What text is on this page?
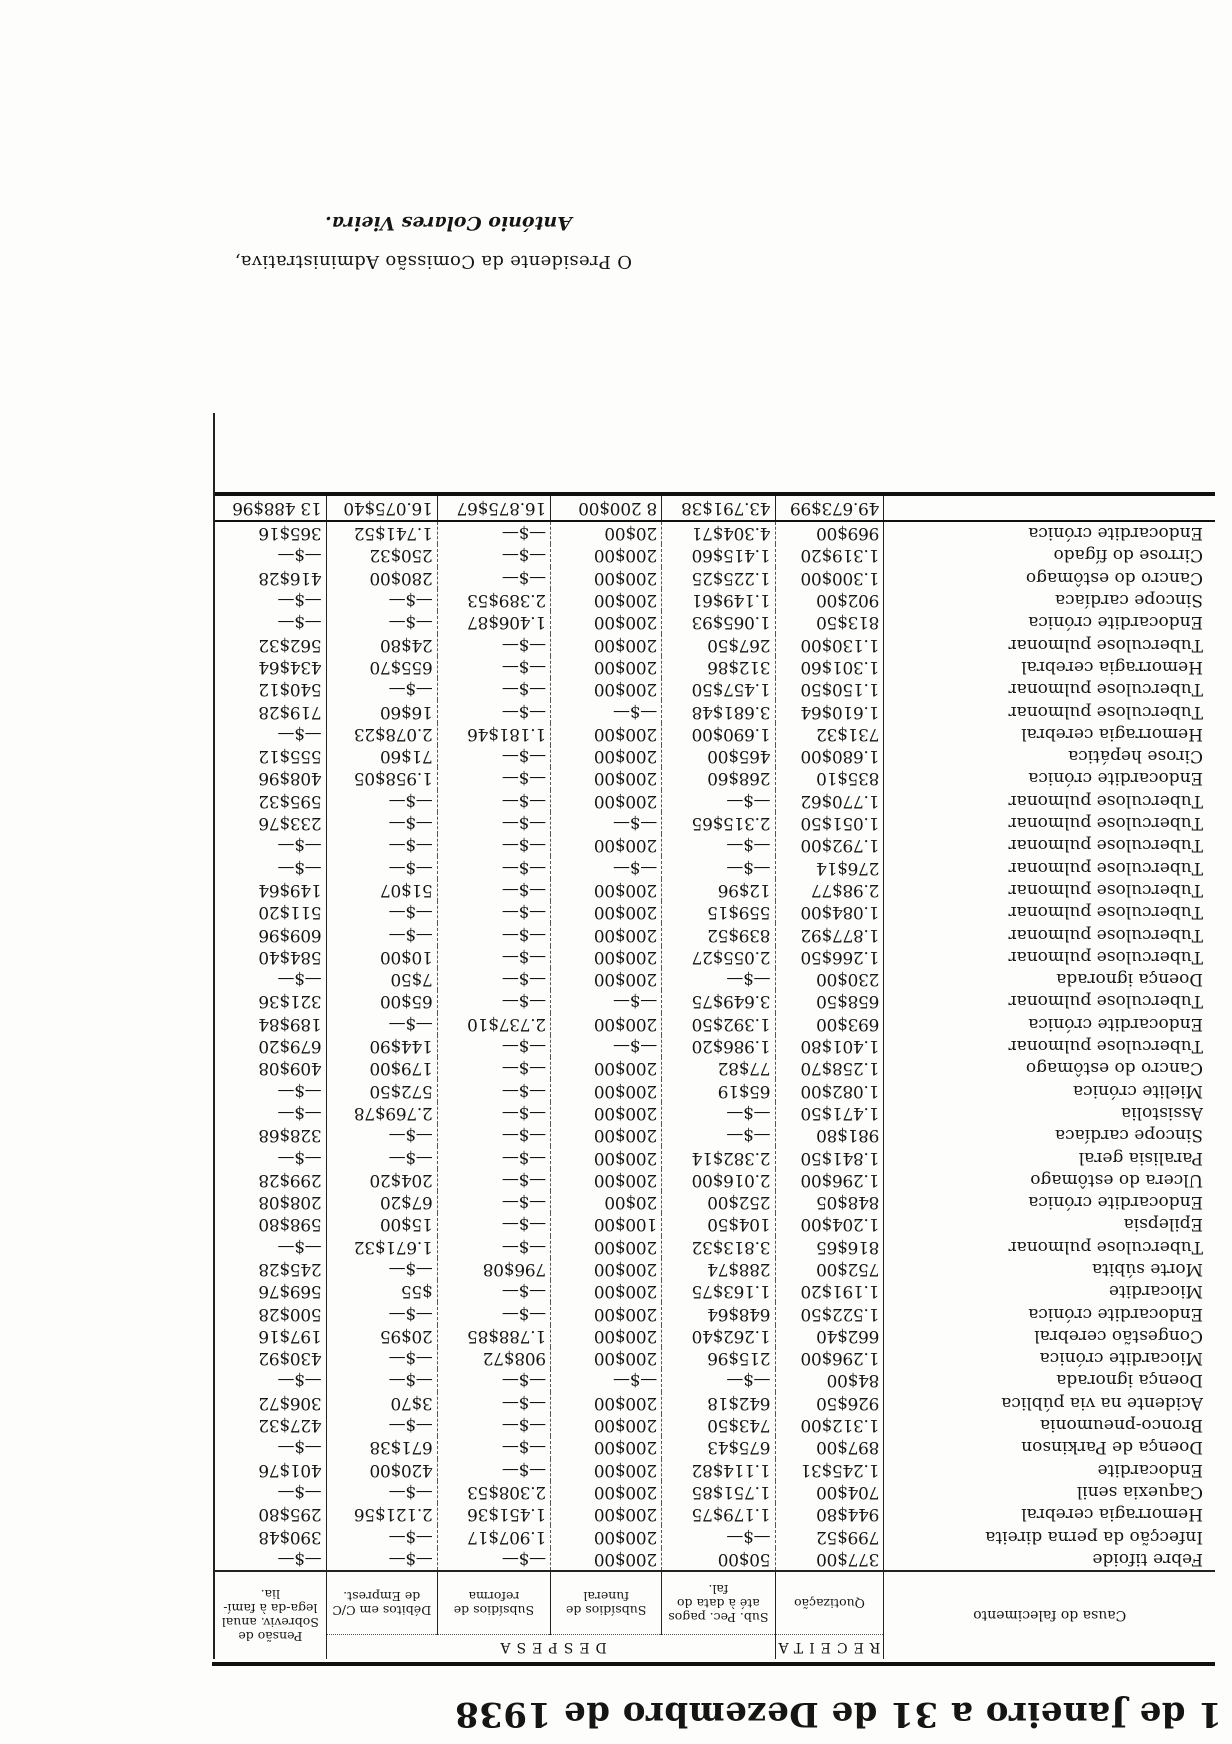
1 de Janeiro a 31 de Dezembro de 1938
Causa do falecimento	RECEITA	DESPESA				Pensão de Sobreviv. anual lega-da à famí-lia.
	Quotização	Sub. Pec. pagos até à data do fal.	Subsídios de funeral	Subsídios de reforma	Débitos em C/C de Emprest.	
Febre tifoide	377$00	50$00	200$00	—$—	—$—	—$—
Infecção da perna direita	799$52	—$—	200$00	1.907$17	—$—	390$48
Hemorragia cerebral	944$80	1.179$75	200$00	1.451$36	2.121$56	295$80
Caquexia senil	704$00	1.751$85	200$00	2.308$53	—$—	—$—
Endocardite	1.245$31	1.114$82	200$00	—$—	420$00	401$76
Doença de Parkinson	897$00	675$43	200$00	—$—	671$38	—$—
Bronco-pneumonia	1.312$00	743$50	200$00	—$—	—$—	427$32
Acidente na via pública	926$50	642$18	200$00	—$—	3$70	306$72
Doença ignorada	84$00	—$—	—$—	—$—	—$—	—$—
Miocardite crónica	1.296$00	215$96	200$00	908$72	—$—	430$92
Congestão cerebral	662$40	1.262$40	200$00	1.788$85	20$95	197$16
Endocardite crónica	1.522$50	648$64	200$00	—$—	—$—	500$28
Miocardite	1.191$20	1.163$75	200$00	—$—	$55	569$76
Morte súbita	752$00	288$74	200$00	796$08	—$—	245$28
Tuberculose pulmonar	816$65	3.813$32	200$00	—$—	1.671$32	—$—
Epilepsia	1.204$00	104$50	100$00	—$—	15$00	598$80
Endocardite crónica	848$05	252$00	20$00	—$—	67$20	208$08
Ulcera do estômago	1.296$00	2.016$00	200$00	—$—	204$20	299$28
Paralisia geral	1.841$50	2.382$14	200$00	—$—	—$—	—$—
Sincope cardíaca	981$80	—$—	200$00	—$—	—$—	328$68
Assistolia	1.471$50	—$—	200$00	—$—	2.769$78	—$—
Mielite crónica	1.082$00	65$19	200$00	—$—	572$50	—$—
Cancro do estômago	1.258$70	77$82	200$00	—$—	179$00	409$08
Tuberculose pulmonar	1.401$80	1.986$20	—$—	—$—	144$90	679$20
Endocardite crónica	693$00	1.392$50	200$00	2.737$10	—$—	189$84
Tuberculose pulmonar	658$50	3.649$75	—$—	—$—	65$00	321$36
Doença ignorada	230$00	—$—	200$00	—$—	7$50	—$—
Tuberculose pulmonar	1.266$50	2.055$27	200$00	—$—	10$00	584$40
Tuberculose pulmonar	1.877$92	839$52	200$00	—$—	—$—	609$96
Tuberculose pulmonar	1.084$00	559$15	200$00	—$—	—$—	511$20
Tuberculose pulmonar	2.98$77	12$96	200$00	—$—	51$07	149$64
Tuberculose pulmonar	276$14	—$—	—$—	—$—	—$—	—$—
Tuberculose pulmonar	1.792$00	—$—	200$00	—$—	—$—	—$—
Tuberculose pulmonar	1.051$50	2.315$65	—$—	—$—	—$—	233$76
Tuberculose pulmonar	1.770$62	—$—	200$00	—$—	—$—	595$32
Endocardite crónica	835$10	268$60	200$00	—$—	1.958$05	408$96
Cirose hepática	1.680$00	465$00	200$00	—$—	71$60	555$12
Hemorragia cerebral	731$32	1.690$00	200$00	1.181$46	2.078$23	—$—
Tuberculose pulmonar	1.610$64	3.681$48	—$—	—$—	16$60	719$28
Tuberculose pulmonar	1.150$50	1.457$50	200$00	—$—	—$—	540$12
Hemorragia cerebral	1.301$60	312$86	200$00	—$—	655$70	434$64
Tuberculose pulmonar	1.130$00	267$50	200$00	—$—	24$80	562$32
Endocardite crónica	813$50	1.065$93	200$00	1.406$87	—$—	—$—
Sincope cardíaca	902$00	1.149$61	200$00	2.389$53	—$—	—$—
Cancro do estômago	1.300$00	1.225$25	200$00	—$—	280$00	416$28
Cirrose do fígado	1.319$20	1.415$60	200$00	—$—	250$32	—$—
Endocardite crónica	969$00	4.304$71	20$00	—$—	1.741$52	365$16
	49.673$99	43.791$38	8 200$00	16.875$67	16.075$40	13 488$96
O Presidente da Comissão Administrativa,
António Colares Vieira.
